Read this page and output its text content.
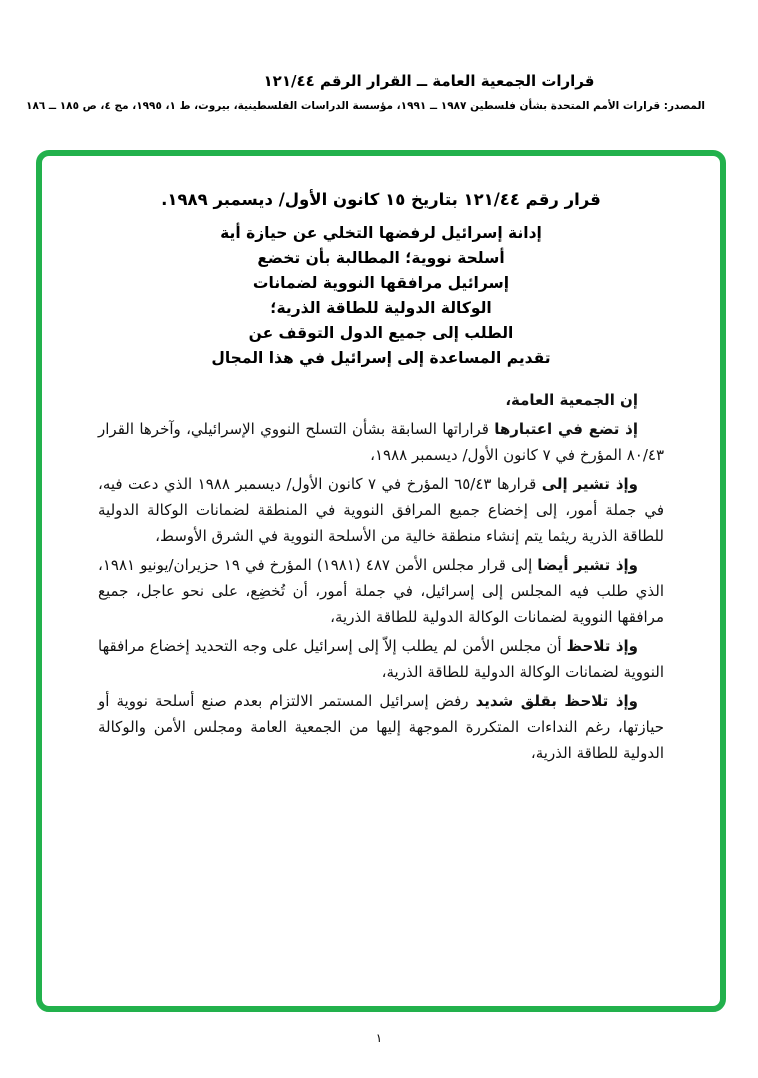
قرارات الجمعية العامة ــ القرار الرقم ١٢١/٤٤
المصدر: قرارات الأمم المتحدة بشأن فلسطين ١٩٨٧ ــ ١٩٩١، مؤسسة الدراسات الفلسطينية، بيروت، ط ١، ١٩٩٥، مج ٤، ص ١٨٥ ــ ١٨٦
قرار رقم ١٢١/٤٤ بتاريخ ١٥ كانون الأول/ ديسمبر ١٩٨٩.
إدانة إسرائيل لرفضها التخلي عن حيازة أية
أسلحة نووية؛ المطالبة بأن تخضع
إسرائيل مرافقها النووية لضمانات
الوكالة الدولية للطاقة الذرية؛
الطلب إلى جميع الدول التوقف عن
تقديم المساعدة إلى إسرائيل في هذا المجال

إن الجمعية العامة،

إذ تضع في اعتبارها قراراتها السابقة بشأن التسلح النووي الإسرائيلي، وآخرها القرار ٨٠/٤٣ المؤرخ في ٧ كانون الأول/ ديسمبر ١٩٨٨،

وإذ تشير إلى قرارها ٦٥/٤٣ المؤرخ في ٧ كانون الأول/ ديسمبر ١٩٨٨ الذي دعت فيه، في جملة أمور، إلى إخضاع جميع المرافق النووية في المنطقة لضمانات الوكالة الدولية للطاقة الذرية ريثما يتم إنشاء منطقة خالية من الأسلحة النووية في الشرق الأوسط،

وإذ تشير أيضا إلى قرار مجلس الأمن ٤٨٧ (١٩٨١) المؤرخ في ١٩ حزيران/يونيو ١٩٨١، الذي طلب فيه المجلس إلى إسرائيل، في جملة أمور، أن تُخضِع، على نحو عاجل، جميع مرافقها النووية لضمانات الوكالة الدولية للطاقة الذرية،

وإذ تلاحظ أن مجلس الأمن لم يطلب إلاّ إلى إسرائيل على وجه التحديد إخضاع مرافقها النووية لضمانات الوكالة الدولية للطاقة الذرية،

وإذ تلاحظ بقلق شديد رفض إسرائيل المستمر الالتزام بعدم صنع أسلحة نووية أو حيازتها، رغم النداءات المتكررة الموجهة إليها من الجمعية العامة ومجلس الأمن والوكالة الدولية للطاقة الذرية،

١
